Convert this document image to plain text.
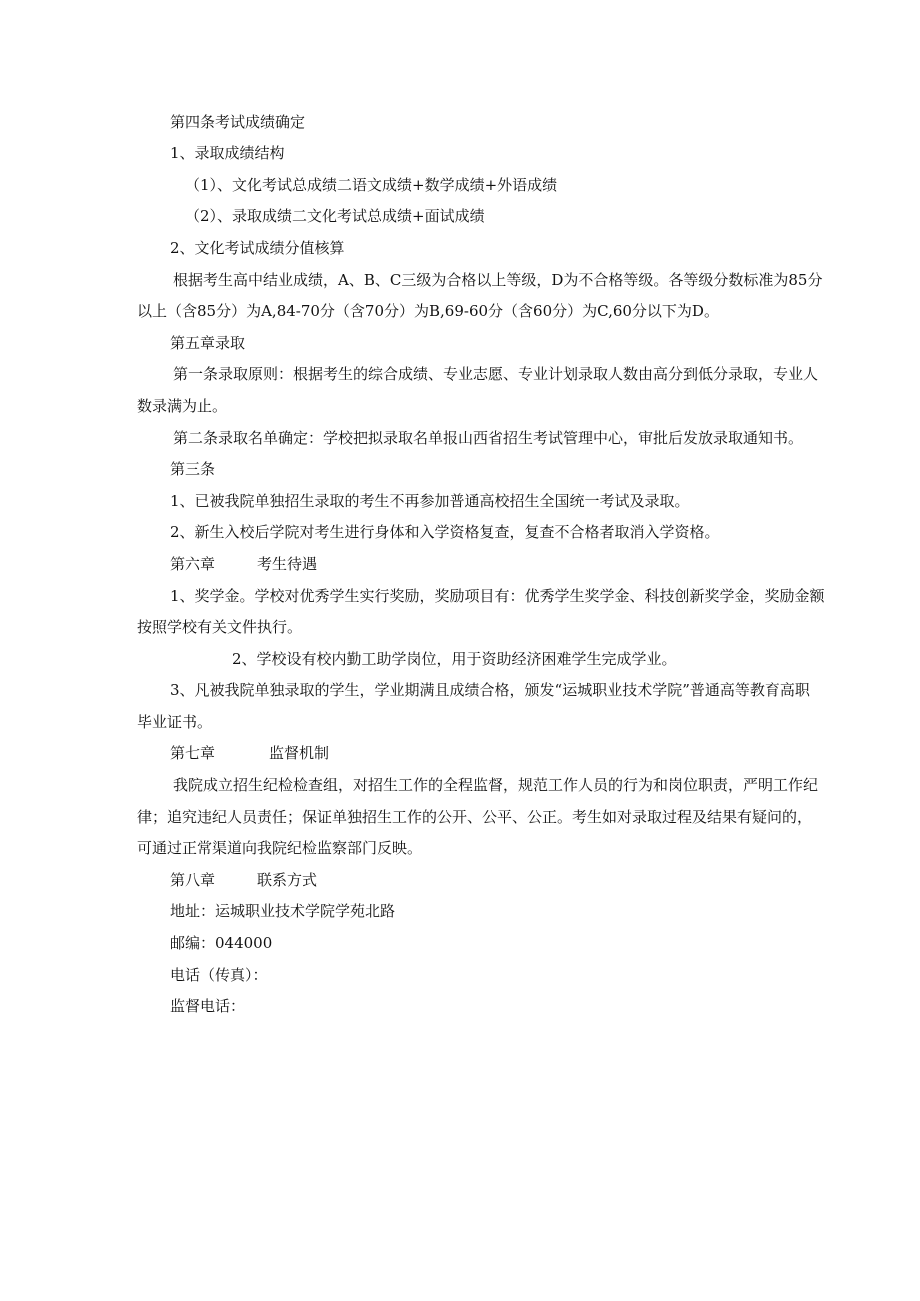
第四条考试成绩确定
1、录取成绩结构
（1）、文化考试总成绩二语文成绩+数学成绩+外语成绩
（2）、录取成绩二文化考试总成绩+面试成绩
2、文化考试成绩分值核算
根据考生高中结业成绩，A、B、C三级为合格以上等级，D为不合格等级。各等级分数标准为85分
以上（含85分）为A,84-70分（含70分）为B,69-60分（含60分）为C,60分以下为D。
第五章录取
第一条录取原则：根据考生的综合成绩、专业志愿、专业计划录取人数由高分到低分录取，专业人
数录满为止。
第二条录取名单确定：学校把拟录取名单报山西省招生考试管理中心，审批后发放录取通知书。
第三条
1、已被我院单独招生录取的考生不再参加普通高校招生全国统一考试及录取。
2、新生入校后学院对考生进行身体和入学资格复查，复查不合格者取消入学资格。
第六章	考生待遇
1、奖学金。学校对优秀学生实行奖励，奖励项目有：优秀学生奖学金、科技创新奖学金，奖励金额
按照学校有关文件执行。
2、学校设有校内勤工助学岗位，用于资助经济困难学生完成学业。
3、凡被我院单独录取的学生，学业期满且成绩合格，颁发“运城职业技术学院”普通高等教育高职
毕业证书。
第七章	监督机制
我院成立招生纪检检查组，对招生工作的全程监督，规范工作人员的行为和岗位职责，严明工作纪
律；追究违纪人员责任；保证单独招生工作的公开、公平、公正。考生如对录取过程及结果有疑问的，
可通过正常渠道向我院纪检监察部门反映。
第八章	联系方式
地址：运城职业技术学院学苑北路
邮编：044000
电话（传真）：
监督电话：
